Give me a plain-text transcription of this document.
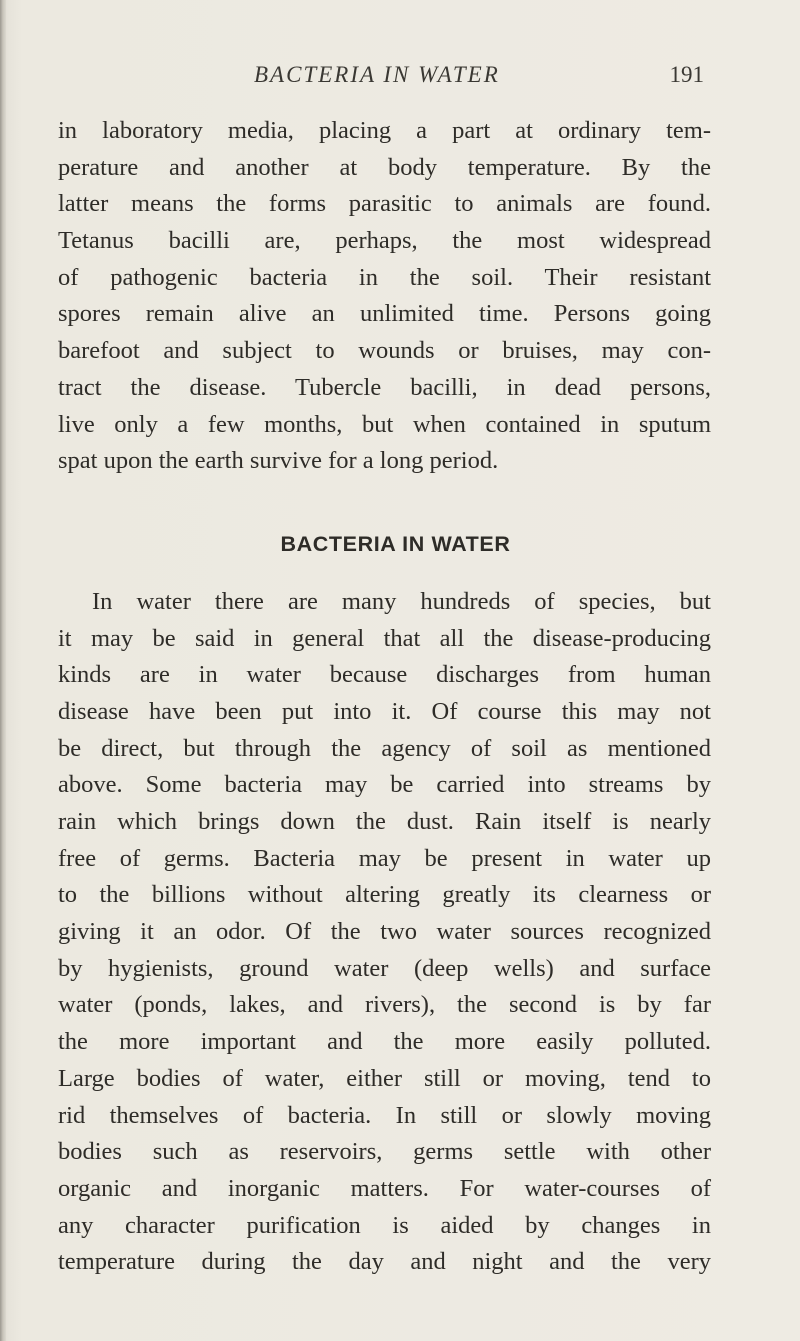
BACTERIA IN WATER	191
in laboratory media, placing a part at ordinary tem-
perature and another at body temperature. By the
latter means the forms parasitic to animals are found.
Tetanus bacilli are, perhaps, the most widespread
of pathogenic bacteria in the soil. Their resistant
spores remain alive an unlimited time. Persons going
barefoot and subject to wounds or bruises, may con-
tract the disease. Tubercle bacilli, in dead persons,
live only a few months, but when contained in sputum
spat upon the earth survive for a long period.
BACTERIA IN WATER
In water there are many hundreds of species, but
it may be said in general that all the disease-producing
kinds are in water because discharges from human
disease have been put into it. Of course this may not
be direct, but through the agency of soil as mentioned
above. Some bacteria may be carried into streams by
rain which brings down the dust. Rain itself is nearly
free of germs. Bacteria may be present in water up
to the billions without altering greatly its clearness or
giving it an odor. Of the two water sources recognized
by hygienists, ground water (deep wells) and surface
water (ponds, lakes, and rivers), the second is by far
the more important and the more easily polluted.
Large bodies of water, either still or moving, tend to
rid themselves of bacteria. In still or slowly moving
bodies such as reservoirs, germs settle with other
organic and inorganic matters. For water-courses of
any character purification is aided by changes in
temperature during the day and night and the very
